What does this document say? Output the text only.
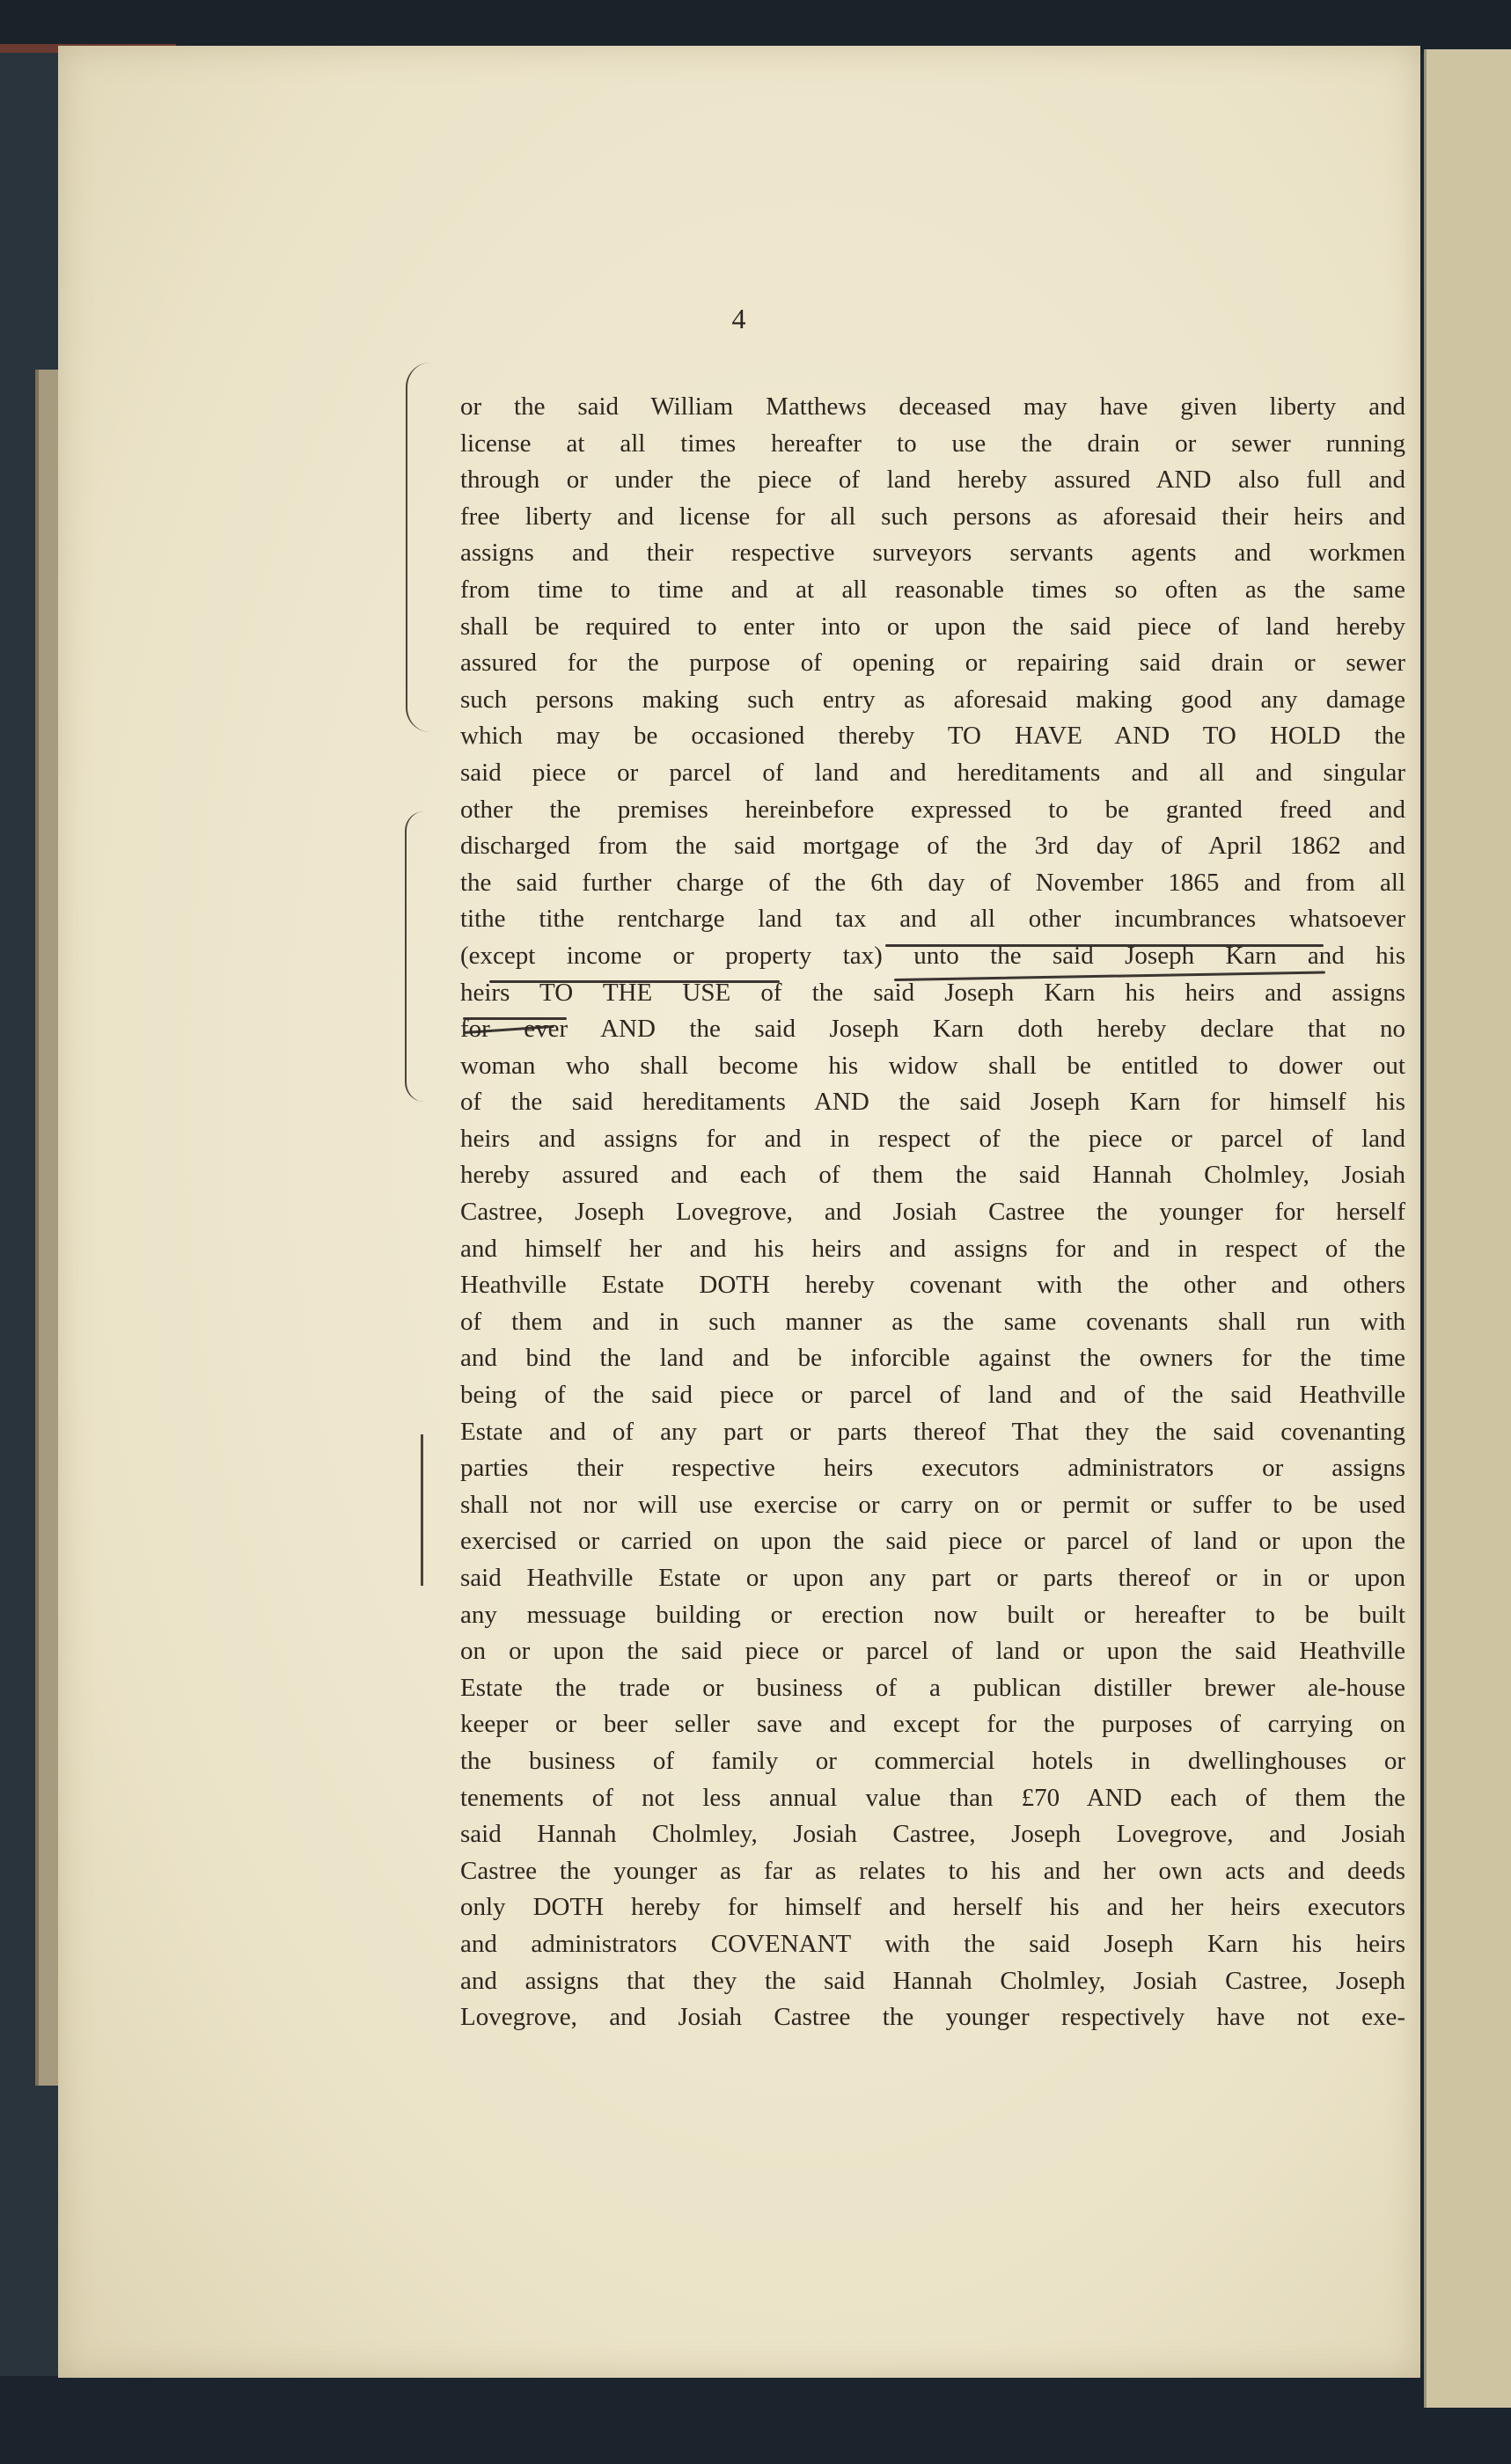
4
or the said William Matthews deceased may have given liberty and
license at all times hereafter to use the drain or sewer running
through or under the piece of land hereby assured AND also full and
free liberty and license for all such persons as aforesaid their heirs and
assigns and their respective surveyors servants agents and workmen
from time to time and at all reasonable times so often as the same
shall be required to enter into or upon the said piece of land hereby
assured for the purpose of opening or repairing said drain or sewer
such persons making such entry as aforesaid making good any damage
which may be occasioned thereby TO HAVE AND TO HOLD the
said piece or parcel of land and hereditaments and all and singular
other the premises hereinbefore expressed to be granted freed and
discharged from the said mortgage of the 3rd day of April 1862 and
the said further charge of the 6th day of November 1865 and from all
tithe tithe rentcharge land tax and all other incumbrances whatsoever
(except income or property tax) unto the said Joseph Karn and his
heirs TO THE USE of the said Joseph Karn his heirs and assigns
for ever AND the said Joseph Karn doth hereby declare that no
woman who shall become his widow shall be entitled to dower out
of the said hereditaments AND the said Joseph Karn for himself his
heirs and assigns for and in respect of the piece or parcel of land
hereby assured and each of them the said Hannah Cholmley, Josiah
Castree, Joseph Lovegrove, and Josiah Castree the younger for herself
and himself her and his heirs and assigns for and in respect of the
Heathville Estate DOTH hereby covenant with the other and others
of them and in such manner as the same covenants shall run with
and bind the land and be inforcible against the owners for the time
being of the said piece or parcel of land and of the said Heathville
Estate and of any part or parts thereof That they the said covenanting
parties their respective heirs executors administrators or assigns
shall not nor will use exercise or carry on or permit or suffer to be used
exercised or carried on upon the said piece or parcel of land or upon the
said Heathville Estate or upon any part or parts thereof or in or upon
any messuage building or erection now built or hereafter to be built
on or upon the said piece or parcel of land or upon the said Heathville
Estate the trade or business of a publican distiller brewer ale-house
keeper or beer seller save and except for the purposes of carrying on
the business of family or commercial hotels in dwellinghouses or
tenements of not less annual value than £70 AND each of them the
said Hannah Cholmley, Josiah Castree, Joseph Lovegrove, and Josiah
Castree the younger as far as relates to his and her own acts and deeds
only DOTH hereby for himself and herself his and her heirs executors
and administrators COVENANT with the said Joseph Karn his heirs
and assigns that they the said Hannah Cholmley, Josiah Castree, Joseph
Lovegrove, and Josiah Castree the younger respectively have not exe-
